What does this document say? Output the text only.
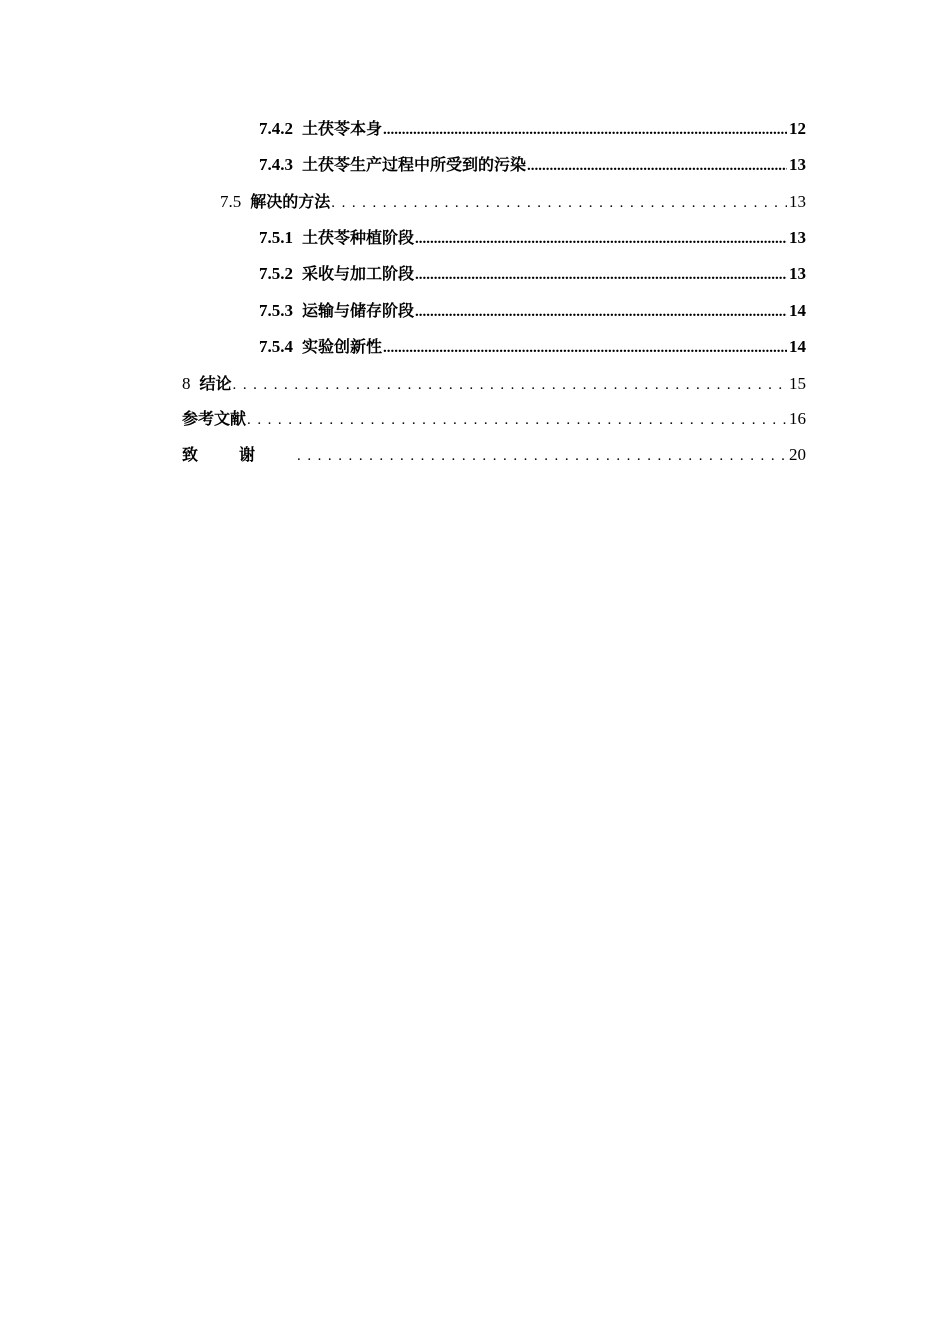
7.4.2 土茯苓本身 .....	12
7.4.3 土茯苓生产过程中所受到的污染 .....	13
7.5 解决的方法 . . .	13
7.5.1 土茯苓种植阶段 .....	13
7.5.2 采收与加工阶段 .....	13
7.5.3 运输与储存阶段 .....	14
7.5.4 实验创新性 .....	14
8 结论 . . .	15
参考文献 . . .	16
致谢 . . .	20
